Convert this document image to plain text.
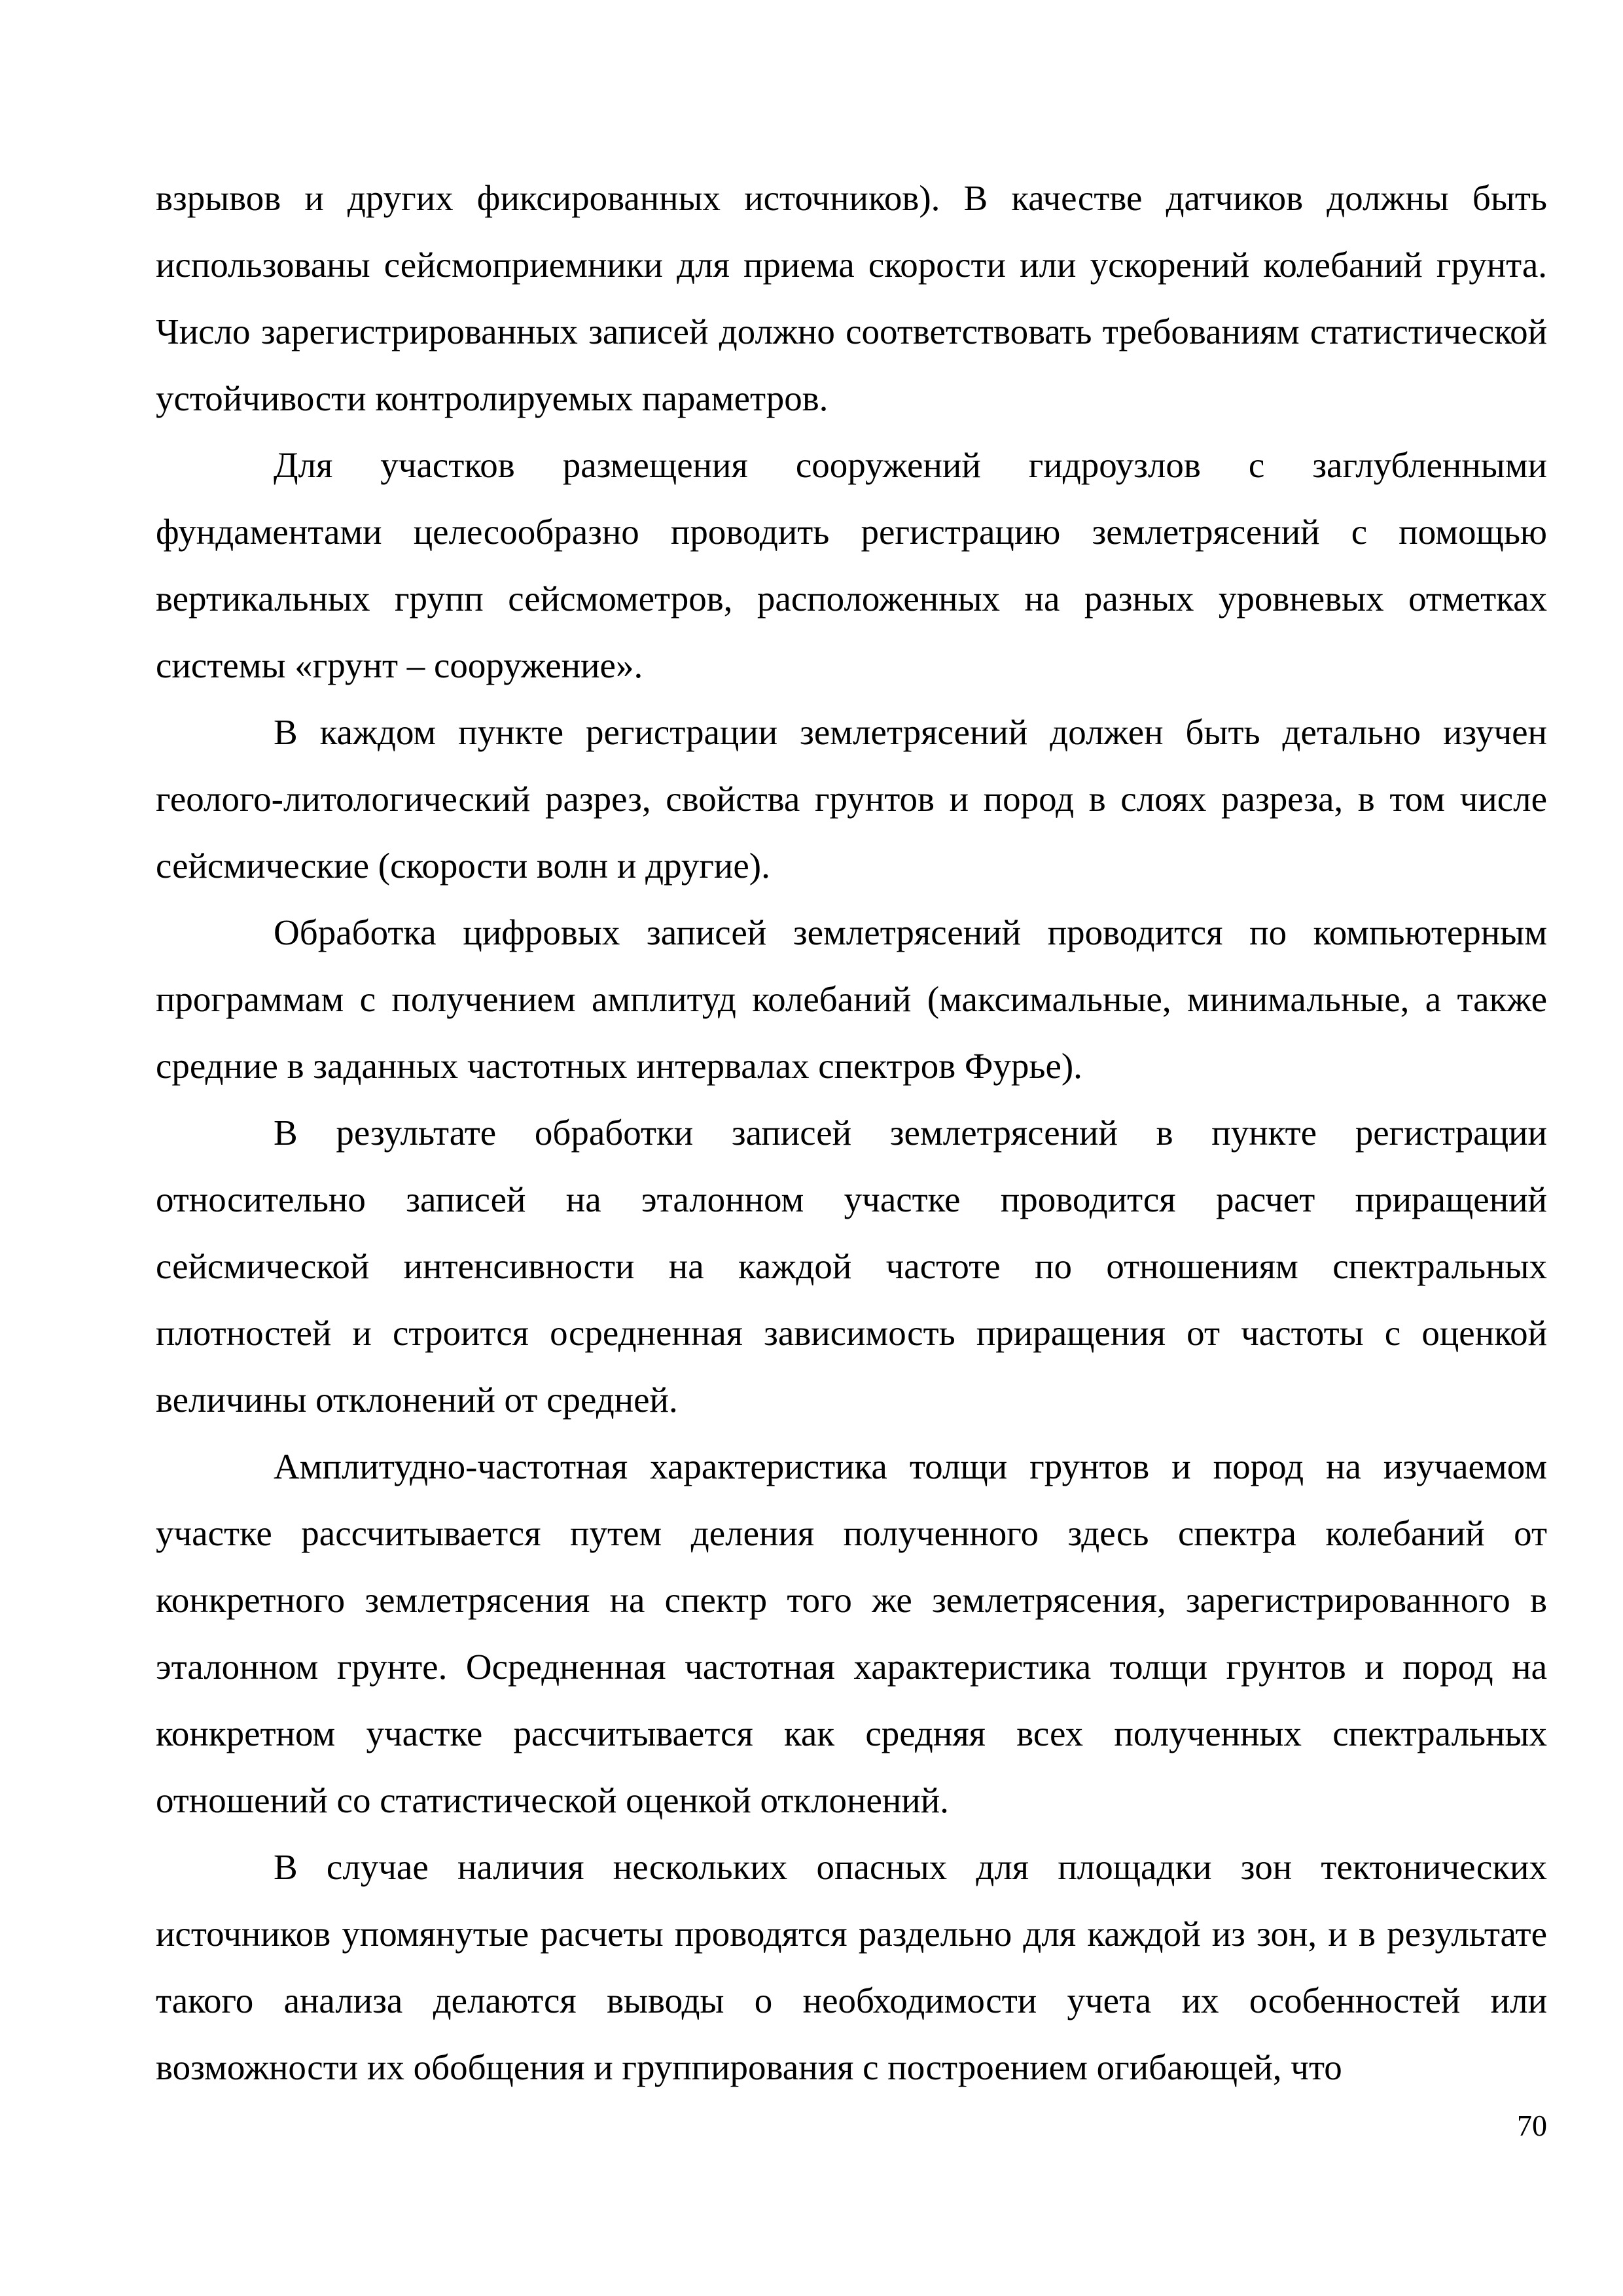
взрывов и других фиксированных источников). В качестве датчиков должны быть использованы сейсмоприемники для приема скорости или ускорений колебаний грунта. Число зарегистрированных записей должно соответствовать требованиям статистической устойчивости контролируемых параметров.

Для участков размещения сооружений гидроузлов с заглубленными фундаментами целесообразно проводить регистрацию землетрясений с помощью вертикальных групп сейсмометров, расположенных на разных уровневых отметках системы «грунт – сооружение».

В каждом пункте регистрации землетрясений должен быть детально изучен геолого-литологический разрез, свойства грунтов и пород в слоях разреза, в том числе сейсмические (скорости волн и другие).

Обработка цифровых записей землетрясений проводится по компьютерным программам с получением амплитуд колебаний (максимальные, минимальные, а также средние в заданных частотных интервалах спектров Фурье).

В результате обработки записей землетрясений в пункте регистрации относительно записей на эталонном участке проводится расчет приращений сейсмической интенсивности на каждой частоте по отношениям спектральных плотностей и строится осредненная зависимость приращения от частоты с оценкой величины отклонений от средней.

Амплитудно-частотная характеристика толщи грунтов и пород на изучаемом участке рассчитывается путем деления полученного здесь спектра колебаний от конкретного землетрясения на спектр того же землетрясения, зарегистрированного в эталонном грунте. Осредненная частотная характеристика толщи грунтов и пород на конкретном участке рассчитывается как средняя всех полученных спектральных отношений со статистической оценкой отклонений.

В случае наличия нескольких опасных для площадки зон тектонических источников упомянутые расчеты проводятся раздельно для каждой из зон, и в результате такого анализа делаются выводы о необходимости учета их особенностей или возможности их обобщения и группирования с построением огибающей, что

70
